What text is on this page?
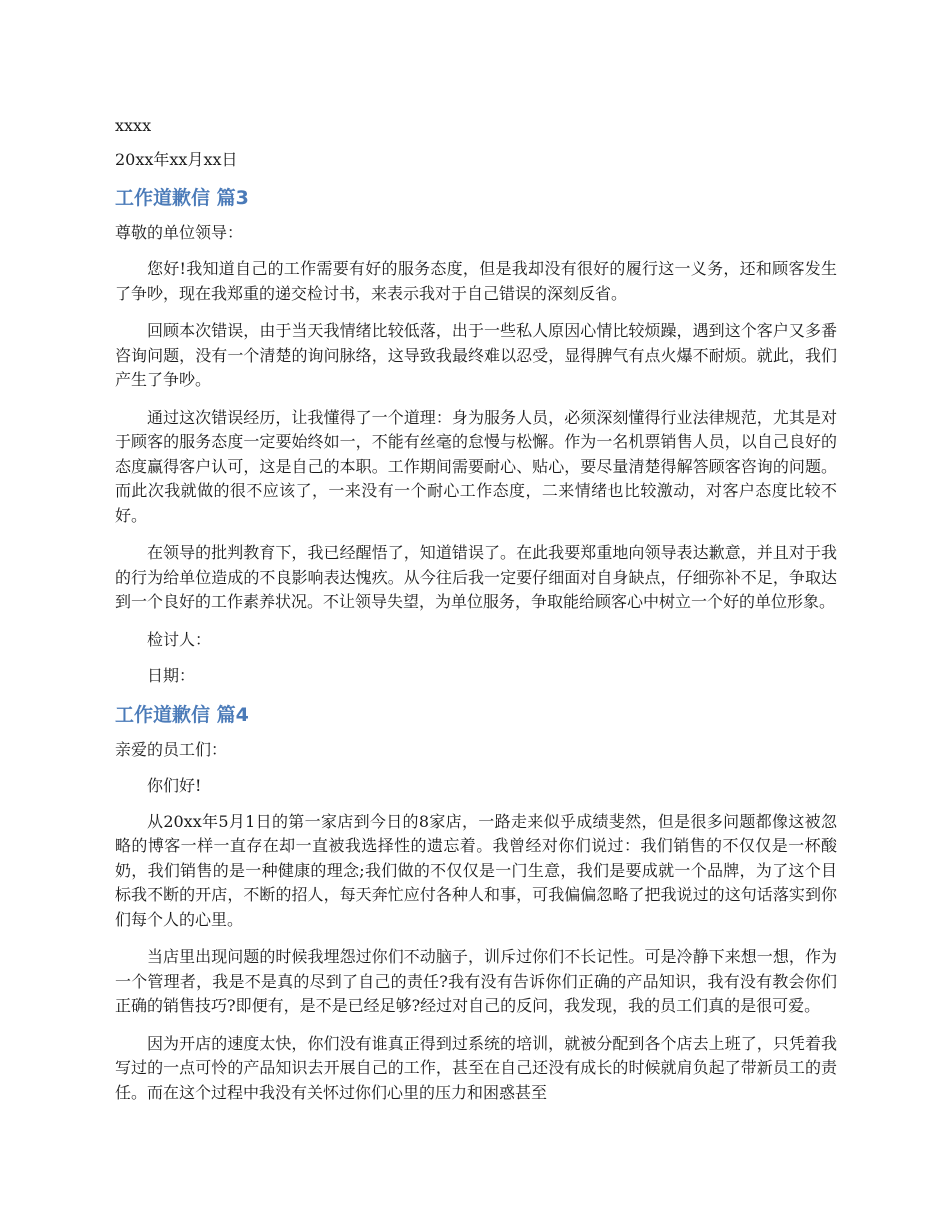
xxxx

20xx年xx月xx日

工作道歉信 篇3

尊敬的单位领导：

您好!我知道自己的工作需要有好的服务态度，但是我却没有很好的履行这一义务，还和顾客发生了争吵，现在我郑重的递交检讨书，来表示我对于自己错误的深刻反省。

回顾本次错误，由于当天我情绪比较低落，出于一些私人原因心情比较烦躁，遇到这个客户又多番咨询问题，没有一个清楚的询问脉络，这导致我最终难以忍受，显得脾气有点火爆不耐烦。就此，我们产生了争吵。

通过这次错误经历，让我懂得了一个道理：身为服务人员，必须深刻懂得行业法律规范，尤其是对于顾客的服务态度一定要始终如一，不能有丝毫的怠慢与松懈。作为一名机票销售人员，以自己良好的态度赢得客户认可，这是自己的本职。工作期间需要耐心、贴心，要尽量清楚得解答顾客咨询的问题。而此次我就做的很不应该了，一来没有一个耐心工作态度，二来情绪也比较激动，对客户态度比较不好。

在领导的批判教育下，我已经醒悟了，知道错误了。在此我要郑重地向领导表达歉意，并且对于我的行为给单位造成的不良影响表达愧疚。从今往后我一定要仔细面对自身缺点，仔细弥补不足，争取达到一个良好的工作素养状况。不让领导失望，为单位服务，争取能给顾客心中树立一个好的单位形象。

检讨人：

日期：

工作道歉信 篇4

亲爱的员工们：

你们好!

从20xx年5月1日的第一家店到今日的8家店，一路走来似乎成绩斐然，但是很多问题都像这被忽略的博客一样一直存在却一直被我选择性的遗忘着。我曾经对你们说过：我们销售的不仅仅是一杯酸奶，我们销售的是一种健康的理念;我们做的不仅仅是一门生意，我们是要成就一个品牌，为了这个目标我不断的开店，不断的招人，每天奔忙应付各种人和事，可我偏偏忽略了把我说过的这句话落实到你们每个人的心里。

当店里出现问题的时候我埋怨过你们不动脑子，训斥过你们不长记性。可是冷静下来想一想，作为一个管理者，我是不是真的尽到了自己的责任?我有没有告诉你们正确的产品知识，我有没有教会你们正确的销售技巧?即便有，是不是已经足够?经过对自己的反问，我发现，我的员工们真的是很可爱。

因为开店的速度太快，你们没有谁真正得到过系统的培训，就被分配到各个店去上班了，只凭着我写过的一点可怜的产品知识去开展自己的工作，甚至在自己还没有成长的时候就肩负起了带新员工的责任。而在这个过程中我没有关怀过你们心里的压力和困惑甚至
